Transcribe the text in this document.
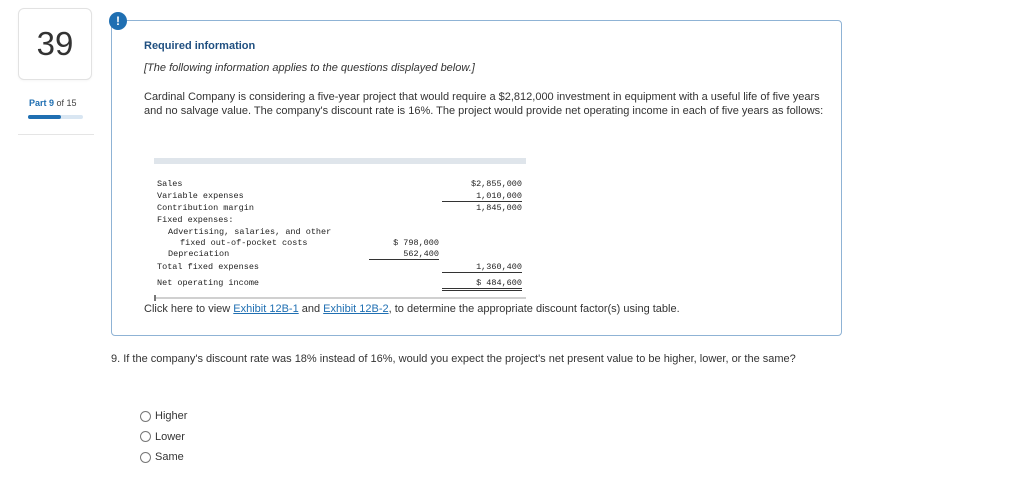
39
Part 9 of 15
!
Required information
[The following information applies to the questions displayed below.]
Cardinal Company is considering a five-year project that would require a $2,812,000 investment in equipment with a useful life of five years and no salvage value. The company's discount rate is 16%. The project would provide net operating income in each of five years as follows:
Sales	$2,855,000
Variable expenses	1,010,000
Contribution margin	1,845,000
Fixed expenses:
Advertising, salaries, and other
fixed out-of-pocket costs	$ 798,000
Depreciation	562,400
Total fixed expenses	1,360,400
Net operating income	$ 484,600
Click here to view Exhibit 12B-1 and Exhibit 12B-2, to determine the appropriate discount factor(s) using table.
9. If the company's discount rate was 18% instead of 16%, would you expect the project's net present value to be higher, lower, or the same?
Higher
Lower
Same
